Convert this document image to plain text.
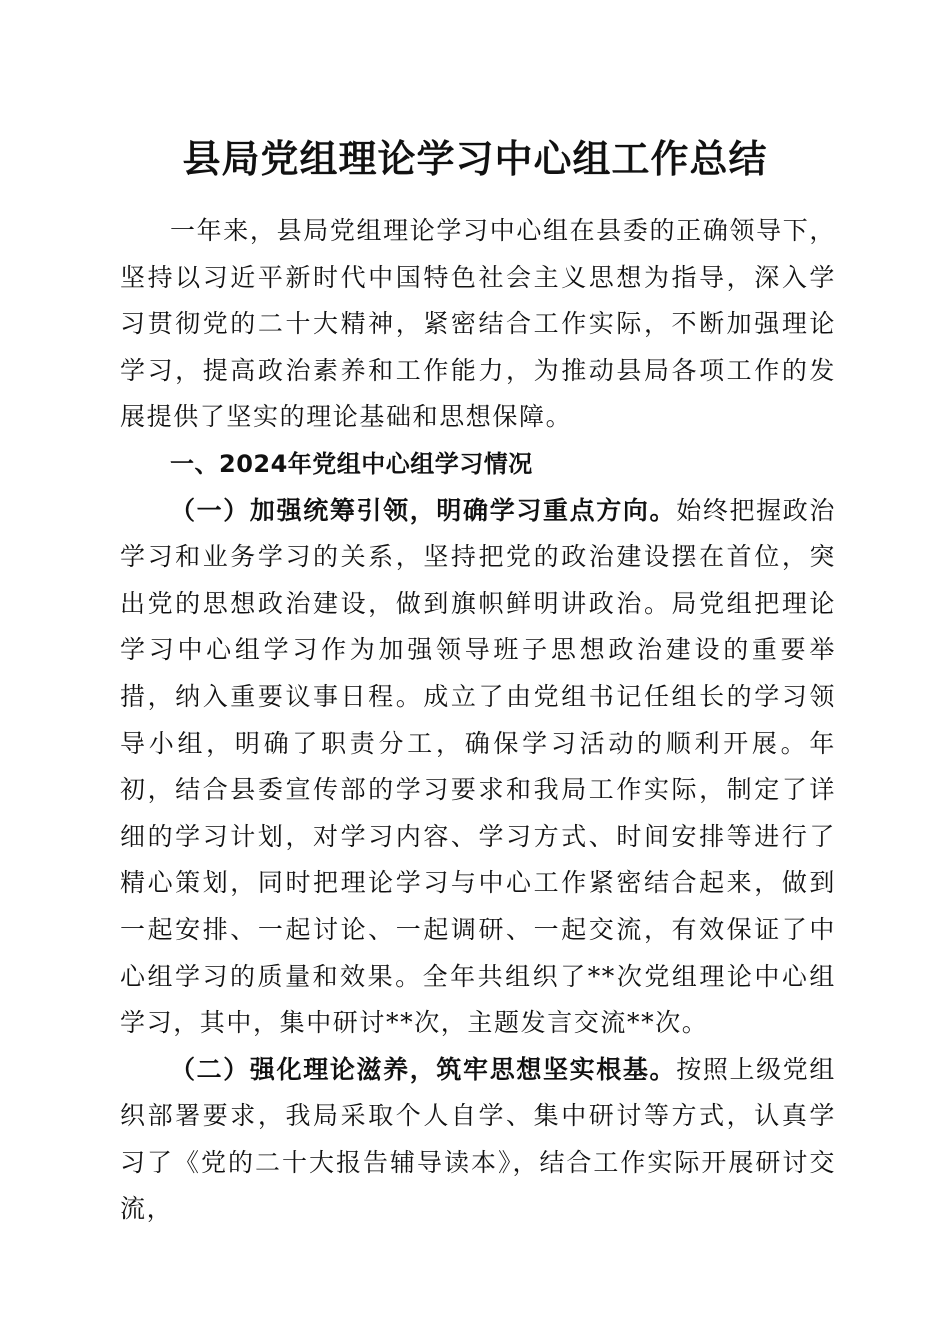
县局党组理论学习中心组工作总结

一年来，县局党组理论学习中心组在县委的正确领导下，坚持以习近平新时代中国特色社会主义思想为指导，深入学习贯彻党的二十大精神，紧密结合工作实际，不断加强理论学习，提高政治素养和工作能力，为推动县局各项工作的发展提供了坚实的理论基础和思想保障。

一、2024年党组中心组学习情况

（一）加强统筹引领，明确学习重点方向。始终把握政治学习和业务学习的关系，坚持把党的政治建设摆在首位，突出党的思想政治建设，做到旗帜鲜明讲政治。局党组把理论学习中心组学习作为加强领导班子思想政治建设的重要举措，纳入重要议事日程。成立了由党组书记任组长的学习领导小组，明确了职责分工，确保学习活动的顺利开展。年初，结合县委宣传部的学习要求和我局工作实际，制定了详细的学习计划，对学习内容、学习方式、时间安排等进行了精心策划，同时把理论学习与中心工作紧密结合起来，做到一起安排、一起讨论、一起调研、一起交流，有效保证了中心组学习的质量和效果。全年共组织了**次党组理论中心组学习，其中，集中研讨**次，主题发言交流**次。

（二）强化理论滋养，筑牢思想坚实根基。按照上级党组织部署要求，我局采取个人自学、集中研讨等方式，认真学习了《党的二十大报告辅导读本》，结合工作实际开展研讨交流，
